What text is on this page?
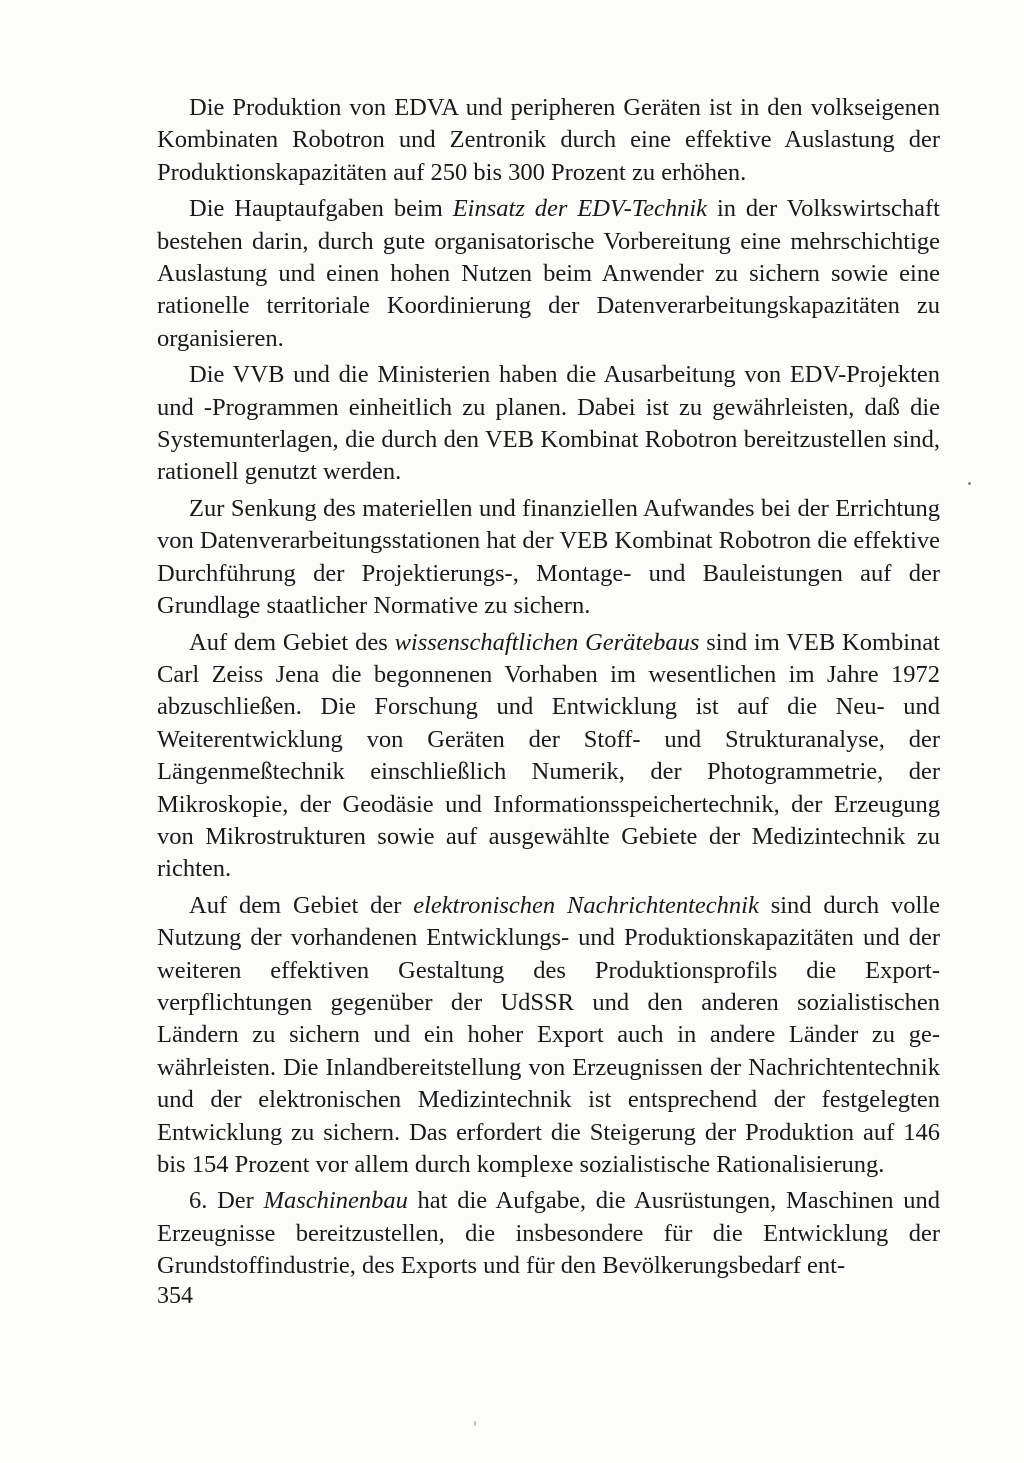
Die Produktion von EDVA und peripheren Geräten ist in den volkseigenen Kombinaten Robotron und Zentronik durch eine effektive Auslastung der Produktionskapazitäten auf 250 bis 300 Prozent zu erhöhen.

Die Hauptaufgaben beim Einsatz der EDV-Technik in der Volkswirtschaft bestehen darin, durch gute organisatorische Vorbereitung eine mehrschichtige Auslastung und einen hohen Nutzen beim Anwender zu sichern sowie eine rationelle territoriale Koordinierung der Datenverarbeitungskapazitäten zu organisieren.

Die VVB und die Ministerien haben die Ausarbeitung von EDV-Projekten und -Programmen einheitlich zu planen. Dabei ist zu gewährleisten, daß die Systemunterlagen, die durch den VEB Kombinat Robotron bereitzustellen sind, rationell genutzt werden.

Zur Senkung des materiellen und finanziellen Aufwandes bei der Errichtung von Datenverarbeitungsstationen hat der VEB Kombinat Robotron die effektive Durchführung der Projektierungs-, Montage- und Bauleistungen auf der Grundlage staatlicher Normative zu sichern.

Auf dem Gebiet des wissenschaftlichen Gerätebaus sind im VEB Kombinat Carl Zeiss Jena die begonnenen Vorhaben im wesentlichen im Jahre 1972 abzuschließen. Die Forschung und Entwicklung ist auf die Neu- und Weiterentwicklung von Geräten der Stoff- und Strukturanalyse, der Längenmeßtechnik einschließlich Numerik, der Photogrammetrie, der Mikroskopie, der Geodäsie und Informationsspeichertechnik, der Erzeugung von Mikrostrukturen sowie auf ausgewählte Gebiete der Medizintechnik zu richten.

Auf dem Gebiet der elektronischen Nachrichtentechnik sind durch volle Nutzung der vorhandenen Entwicklungs- und Produktionskapazitäten und der weiteren effektiven Gestaltung des Produktionsprofils die Exportverpflichtungen gegenüber der UdSSR und den anderen sozialistischen Ländern zu sichern und ein hoher Export auch in andere Länder zu gewährleisten. Die Inlandbereitstellung von Erzeugnissen der Nachrichtentechnik und der elektronischen Medizintechnik ist entsprechend der festgelegten Entwicklung zu sichern. Das erfordert die Steigerung der Produktion auf 146 bis 154 Prozent vor allem durch komplexe sozialistische Rationalisierung.

6. Der Maschinenbau hat die Aufgabe, die Ausrüstungen, Maschinen und Erzeugnisse bereitzustellen, die insbesondere für die Entwicklung der Grundstoffindustrie, des Exports und für den Bevölkerungsbedarf ent-

354
